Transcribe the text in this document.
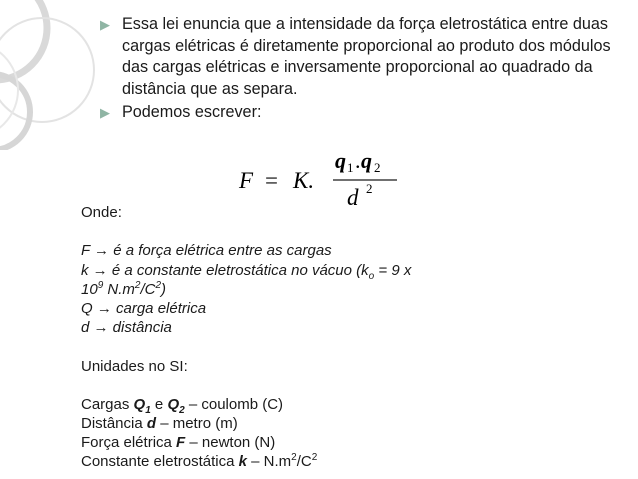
▶ Essa lei enuncia que a intensidade da força eletrostática entre duas cargas elétricas é diretamente proporcional ao produto dos módulos das cargas elétricas e inversamente proporcional ao quadrado da distância que as separa.
▶ Podemos escrever:
F = K.
q 1 . q 2
d 2
Onde:
F → é a força elétrica entre as cargas
k → é a constante eletrostática no vácuo ($k_o = 9$ x
$10^9$ $N.m^2/C^2$)
Q → carga elétrica
d → distância
Unidades no SI:
Cargas $Q_1$ e $Q_2$ – coulomb (C)
Distância d – metro (m)
Força elétrica F – newton (N)
Constante eletrostática k – $N.m^2/C^2$
